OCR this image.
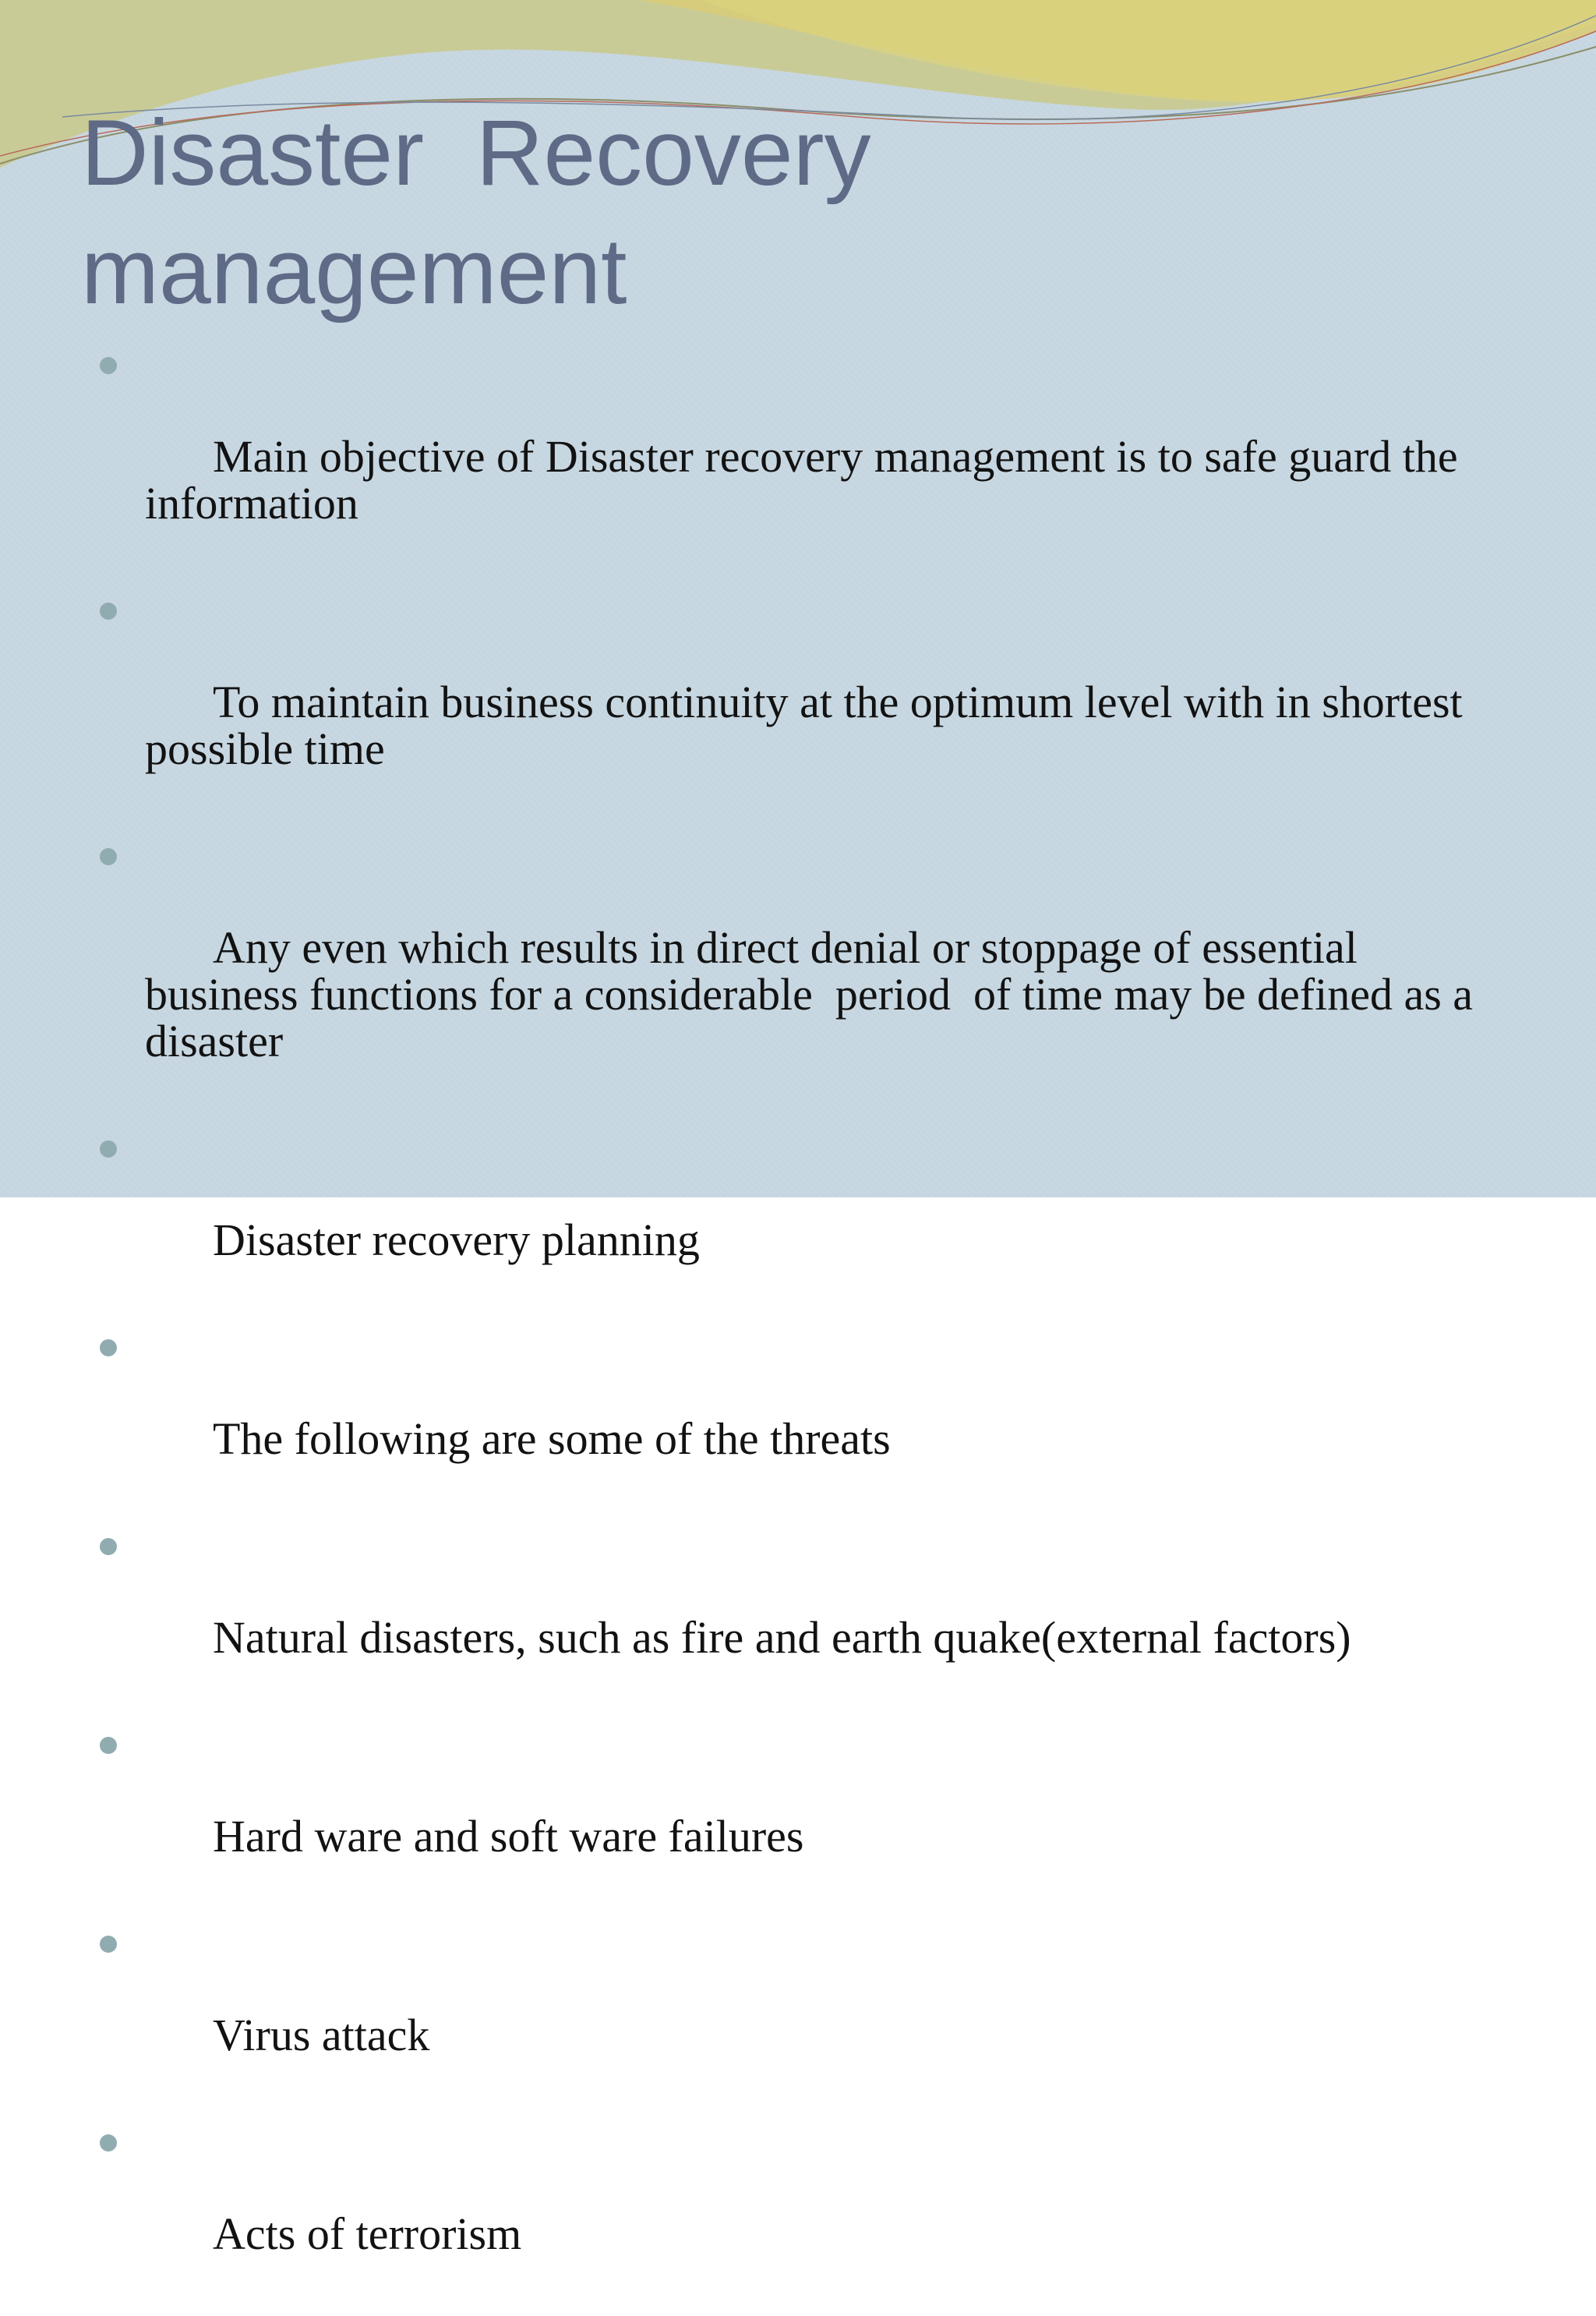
Disaster  Recovery
management

Main objective of Disaster recovery management is to safe guard the information

To maintain business continuity at the optimum level with in shortest possible time

Any even which results in direct denial or stoppage of essential business functions for a considerable  period  of time may be defined as a disaster

Disaster recovery planning

The following are some of the threats

Natural disasters, such as fire and earth quake(external factors)

Hard ware and soft ware failures

Virus attack

Acts of terrorism
